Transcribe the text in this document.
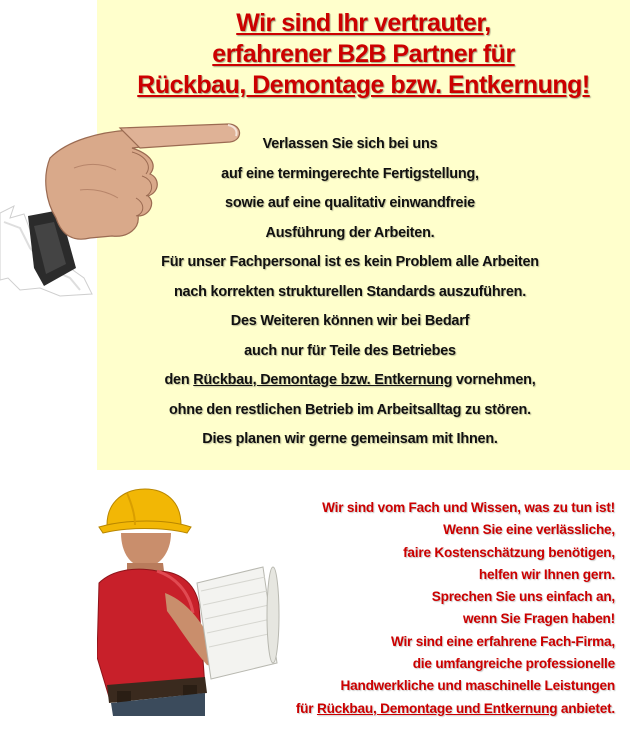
Wir sind Ihr vertrauter,
erfahrener B2B Partner für
Rückbau, Demontage bzw. Entkernung!
Verlassen Sie sich bei uns
auf eine termingerechte Fertigstellung,
sowie auf eine qualitativ einwandfreie
Ausführung der Arbeiten.
Für unser Fachpersonal ist es kein Problem alle Arbeiten
nach korrekten strukturellen Standards auszuführen.
Des Weiteren können wir bei Bedarf
auch nur für Teile des Betriebes
den Rückbau, Demontage bzw. Entkernung vornehmen,
ohne den restlichen Betrieb im Arbeitsalltag zu stören.
Dies planen wir gerne gemeinsam mit Ihnen.
Wir sind vom Fach und Wissen, was zu tun ist!
Wenn Sie eine verlässliche,
faire Kostenschätzung benötigen,
helfen wir Ihnen gern.
Sprechen Sie uns einfach an,
wenn Sie Fragen haben!
Wir sind eine erfahrene Fach-Firma,
die umfangreiche professionelle
Handwerkliche und maschinelle Leistungen
für Rückbau, Demontage und Entkernung anbietet.
